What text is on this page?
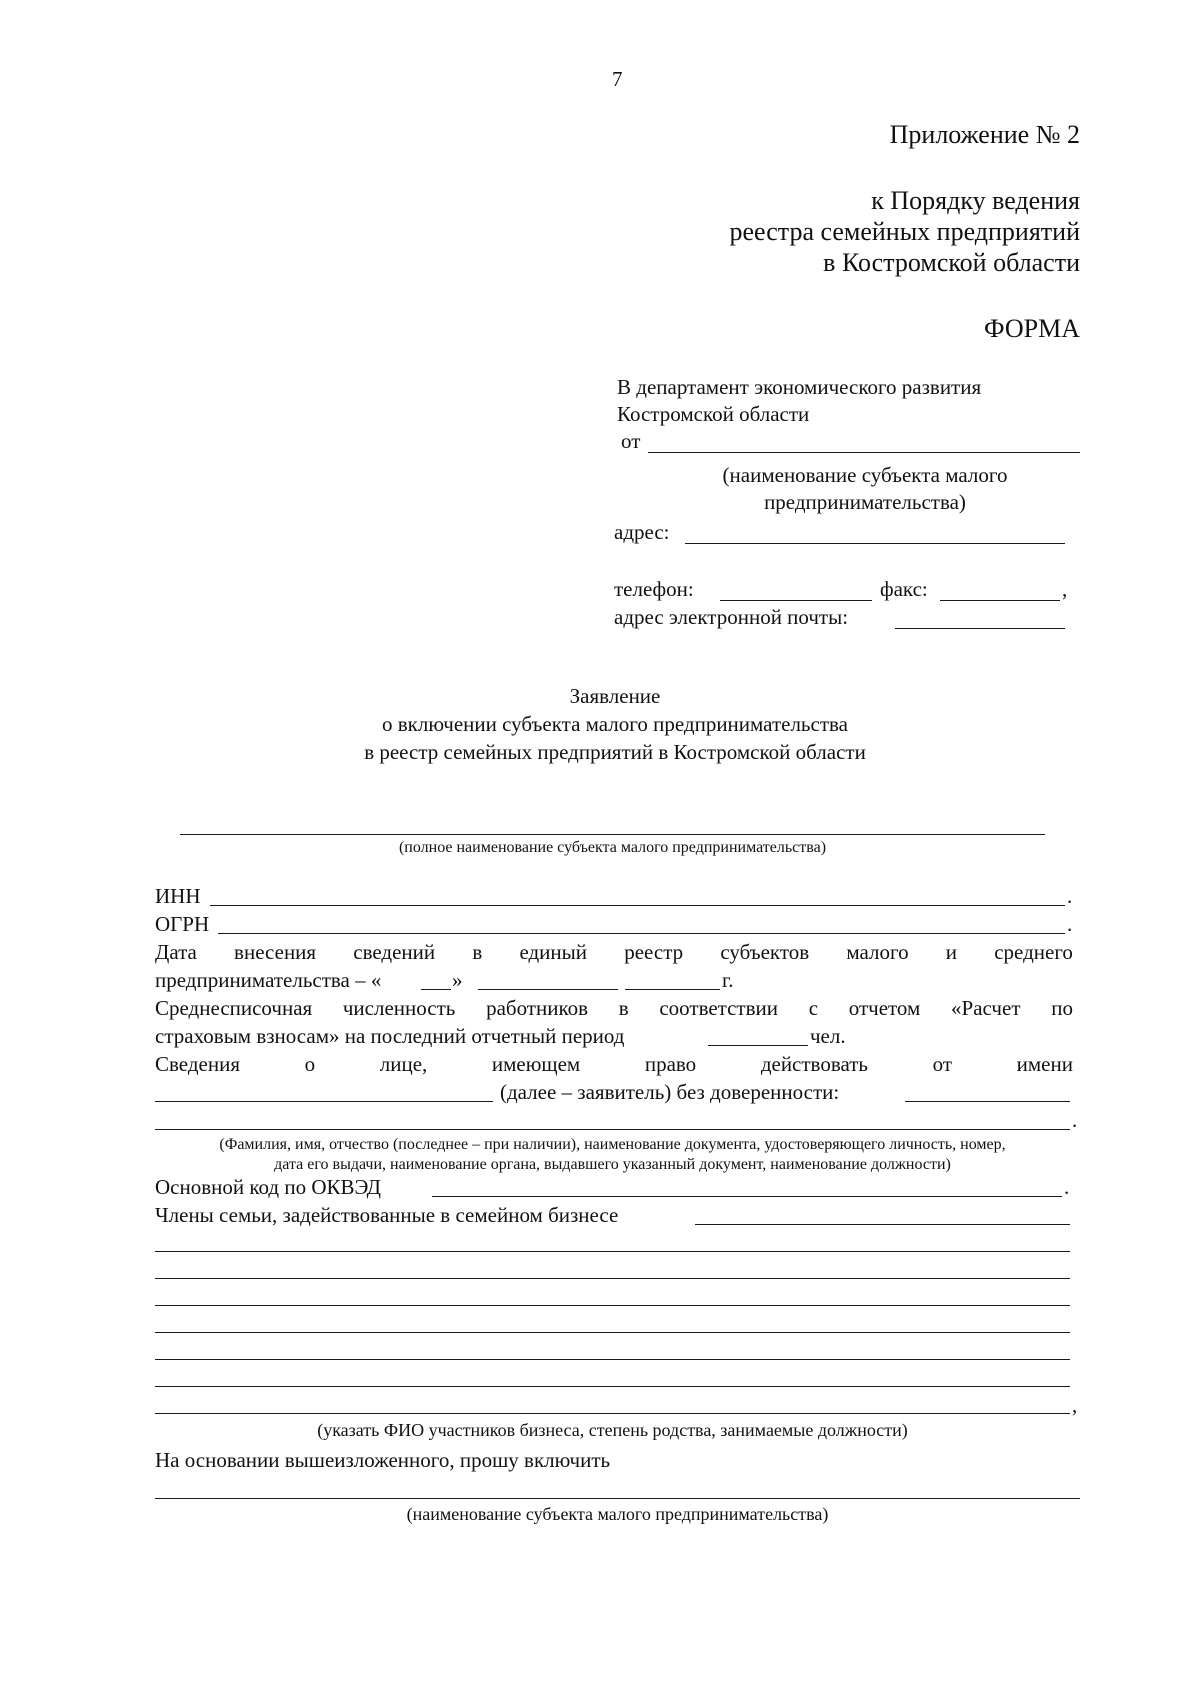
7
Приложение № 2
к Порядку ведения
реестра семейных предприятий
в Костромской области
ФОРМА
В департамент экономического развития
Костромской области
от
(наименование субъекта малого
предпринимательства)
адрес:
телефон:	факс:	,
адрес электронной почты:
Заявление
о включении субъекта малого предпринимательства
в реестр семейных предприятий в Костромской области
(полное наименование субъекта малого предпринимательства)
ИНН	.
ОГРН	.
Дата внесения сведений в единый реестр субъектов малого и среднего
предпринимательства – «	»	г.
Среднесписочная численность работников в соответствии с отчетом «Расчет по
страховым взносам» на последний отчетный период	чел.
Сведения	о	лице,	имеющем	право	действовать	от	имени
(далее – заявитель) без доверенности:
.
(Фамилия, имя, отчество (последнее – при наличии), наименование документа, удостоверяющего личность, номер,
дата его выдачи, наименование органа, выдавшего указанный документ, наименование должности)
Основной код по ОКВЭД	.
Члены семьи, задействованные в семейном бизнесе
,
(указать ФИО участников бизнеса, степень родства, занимаемые должности)
На основании вышеизложенного, прошу включить
(наименование субъекта малого предпринимательства)
